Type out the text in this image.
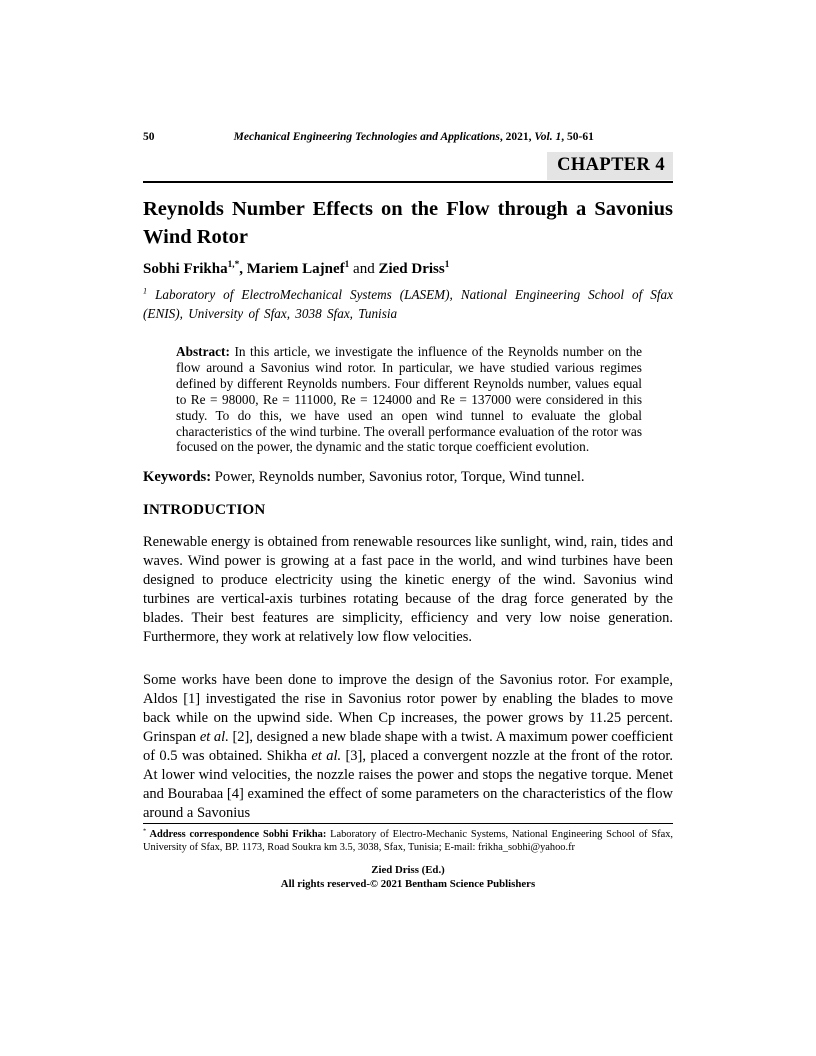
50	Mechanical Engineering Technologies and Applications, 2021, Vol. 1, 50-61
CHAPTER 4
Reynolds Number Effects on the Flow through a Savonius Wind Rotor
Sobhi Frikha$^{1,*}$, Mariem Lajnef$^1$ and Zied Driss$^1$
$^1$ Laboratory of ElectroMechanical Systems (LASEM), National Engineering School of Sfax (ENIS), University of Sfax, 3038 Sfax, Tunisia
Abstract: In this article, we investigate the influence of the Reynolds number on the flow around a Savonius wind rotor. In particular, we have studied various regimes defined by different Reynolds numbers. Four different Reynolds number, values equal to Re = 98000, Re = 111000, Re = 124000 and Re = 137000 were considered in this study. To do this, we have used an open wind tunnel to evaluate the global characteristics of the wind turbine. The overall performance evaluation of the rotor was focused on the power, the dynamic and the static torque coefficient evolution.
Keywords: Power, Reynolds number, Savonius rotor, Torque, Wind tunnel.
INTRODUCTION

Renewable energy is obtained from renewable resources like sunlight, wind, rain, tides and waves. Wind power is growing at a fast pace in the world, and wind turbines have been designed to produce electricity using the kinetic energy of the wind. Savonius wind turbines are vertical-axis turbines rotating because of the drag force generated by the blades. Their best features are simplicity, efficiency and very low noise generation. Furthermore, they work at relatively low flow velocities.

Some works have been done to improve the design of the Savonius rotor. For example, Aldos [1] investigated the rise in Savonius rotor power by enabling the blades to move back while on the upwind side. When Cp increases, the power grows by 11.25 percent. Grinspan et al. [2], designed a new blade shape with a twist. A maximum power coefficient of 0.5 was obtained. Shikha et al. [3], placed a convergent nozzle at the front of the rotor. At lower wind velocities, the nozzle raises the power and stops the negative torque. Menet and Bourabaa [4] examined the effect of some parameters on the characteristics of the flow around a Savonius

* Address correspondence Sobhi Frikha: Laboratory of Electro-Mechanic Systems, National Engineering School of Sfax, University of Sfax, BP. 1173, Road Soukra km 3.5, 3038, Sfax, Tunisia; E-mail: frikha_sobhi@yahoo.fr
Zied Driss (Ed.)
All rights reserved-© 2021 Bentham Science Publishers
